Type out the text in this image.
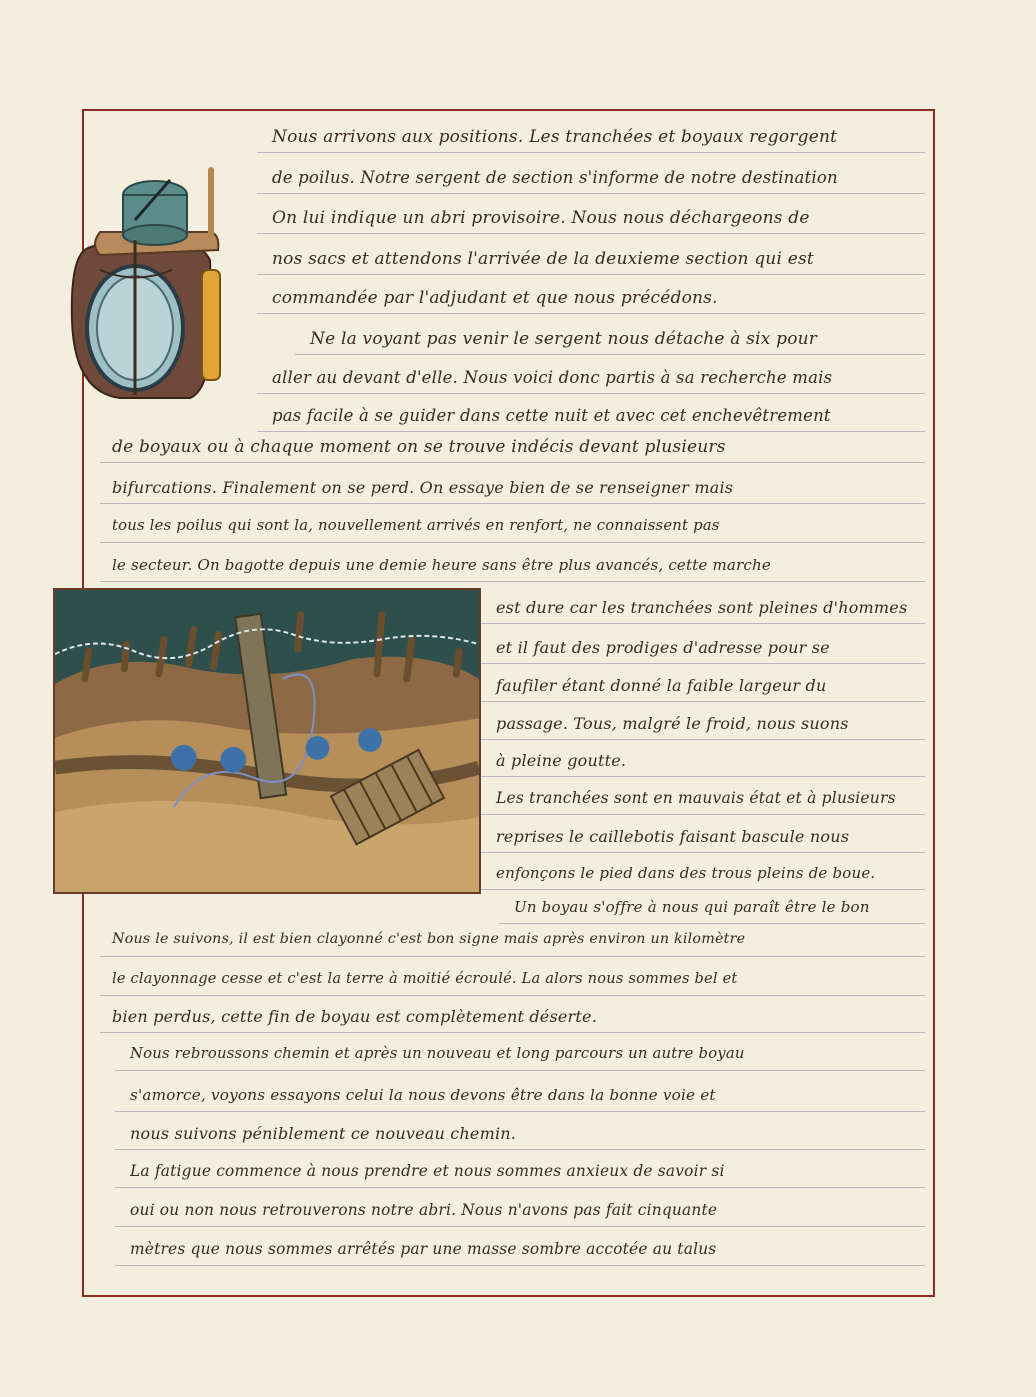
Nous arrivons aux positions. Les tranchées et boyaux regorgent
de poilus. Notre sergent de section s'informe de notre destination
On lui indique un abri provisoire. Nous nous déchargeons de
nos sacs et attendons l'arrivée de la deuxieme section qui est
commandée par l'adjudant et que nous précédons.
Ne la voyant pas venir le sergent nous détache à six pour
aller au devant d'elle. Nous voici donc partis à sa recherche mais
pas facile à se guider dans cette nuit et avec cet enchevêtrement
de boyaux ou à chaque moment on se trouve indécis devant plusieurs
bifurcations. Finalement on se perd. On essaye bien de se renseigner mais
tous les poilus qui sont la, nouvellement arrivés en renfort, ne connaissent pas
le secteur. On bagotte depuis une demie heure sans être plus avancés, cette marche
est dure car les tranchées sont pleines d'hommes
et il faut des prodiges d'adresse pour se
faufiler étant donné la faible largeur du
passage. Tous, malgré le froid, nous suons
à pleine goutte.
Les tranchées sont en mauvais état et à plusieurs
reprises le caillebotis faisant bascule nous
enfonçons le pied dans des trous pleins de boue.
Un boyau s'offre à nous qui paraît être le bon
Nous le suivons, il est bien clayonné c'est bon signe mais après environ un kilomètre
le clayonnage cesse et c'est la terre à moitié écroulé. La alors nous sommes bel et
bien perdus, cette fin de boyau est complètement déserte.
Nous rebroussons chemin et après un nouveau et long parcours un autre boyau
s'amorce, voyons essayons celui la nous devons être dans la bonne voie et
nous suivons péniblement ce nouveau chemin.
La fatigue commence à nous prendre et nous sommes anxieux de savoir si
oui ou non nous retrouverons notre abri. Nous n'avons pas fait cinquante
mètres que nous sommes arrêtés par une masse sombre accotée au talus
